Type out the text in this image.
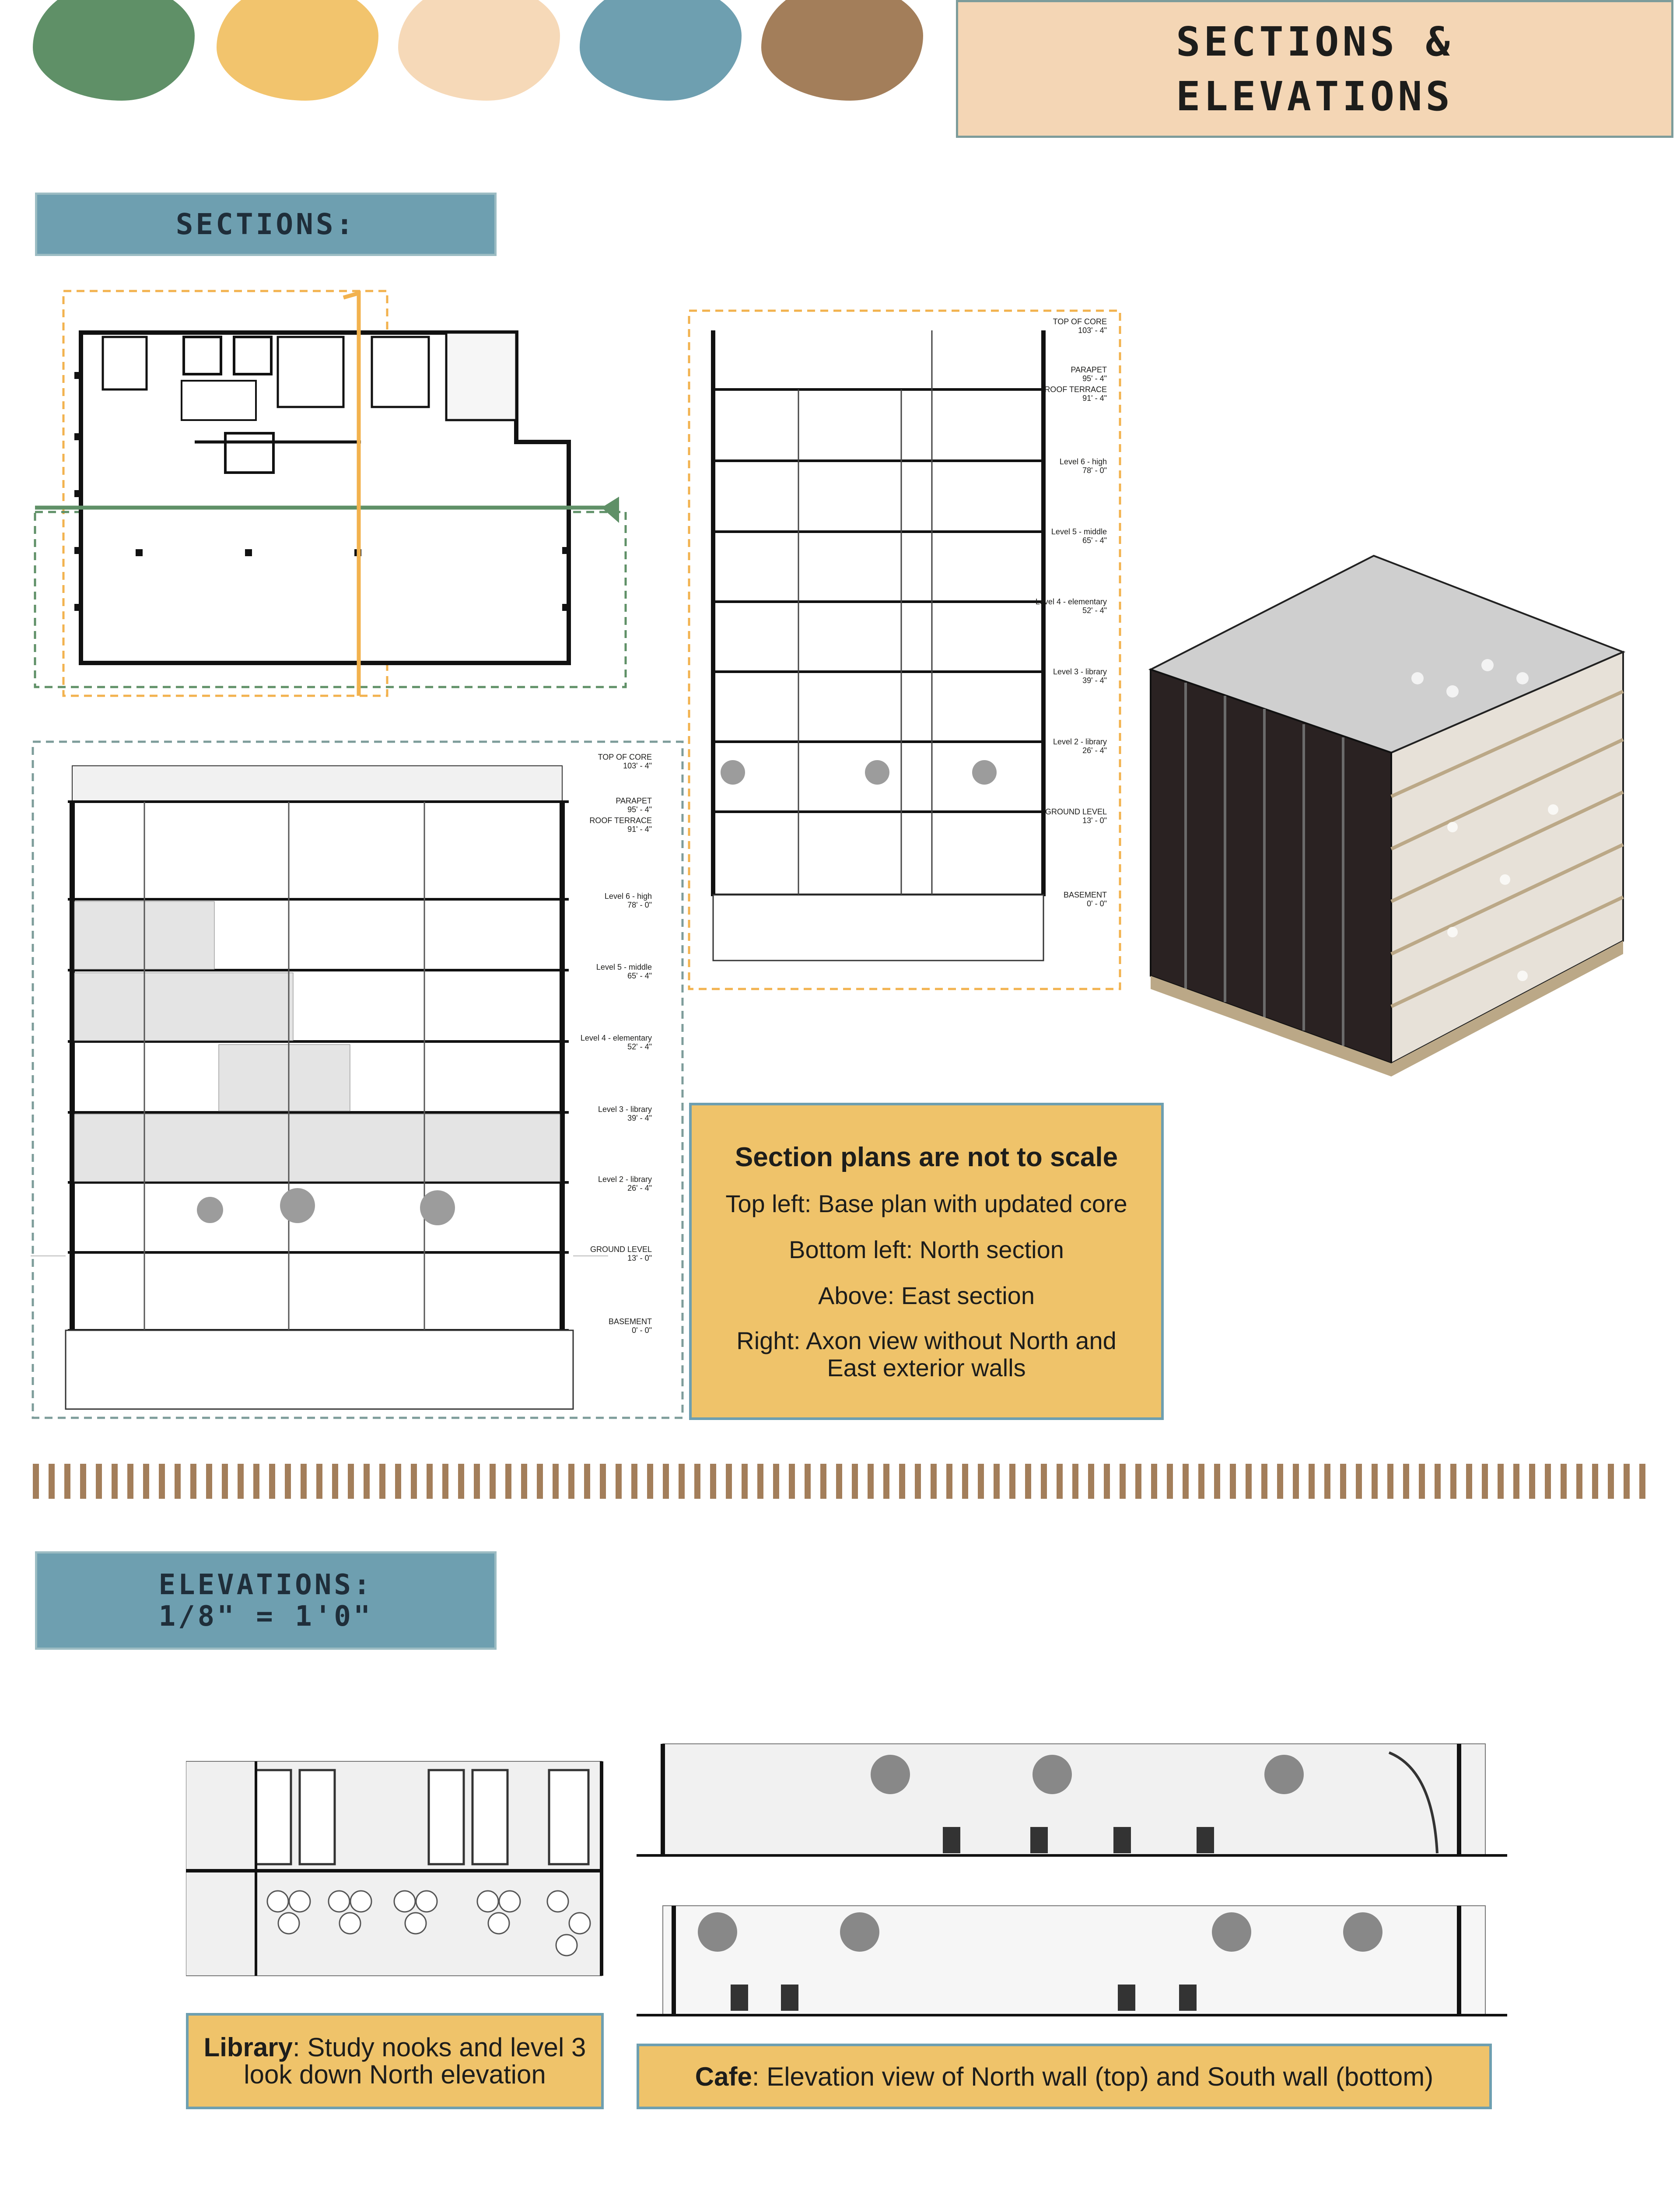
SECTIONS &
ELEVATIONS
SECTIONS:
TOP OF CORE
103' - 4"
PARAPET
95' - 4"
ROOF TERRACE
91' - 4"
Level 6 - high
78' - 0"
Level 5 - middle
65' - 4"
Level 4 - elementary
52' - 4"
Level 3 - library
39' - 4"
Level 2 - library
26' - 4"
GROUND LEVEL
13' - 0"
BASEMENT
0' - 0"
TOP OF CORE
103' - 4"
PARAPET
95' - 4"
ROOF TERRACE
91' - 4"
Level 6 - high
78' - 0"
Level 5 - middle
65' - 4"
Level 4 - elementary
52' - 4"
Level 3 - library
39' - 4"
Level 2 - library
26' - 4"
GROUND LEVEL
13' - 0"
BASEMENT
0' - 0"
Section plans are not to scale
Top left: Base plan with updated core
Bottom left: North section
Above: East section
Right: Axon view without North and East exterior walls
ELEVATIONS:
1/8" = 1'0"
Library: Study nooks and level 3 look down North elevation	Cafe: Elevation view of North wall (top) and South wall (bottom)
